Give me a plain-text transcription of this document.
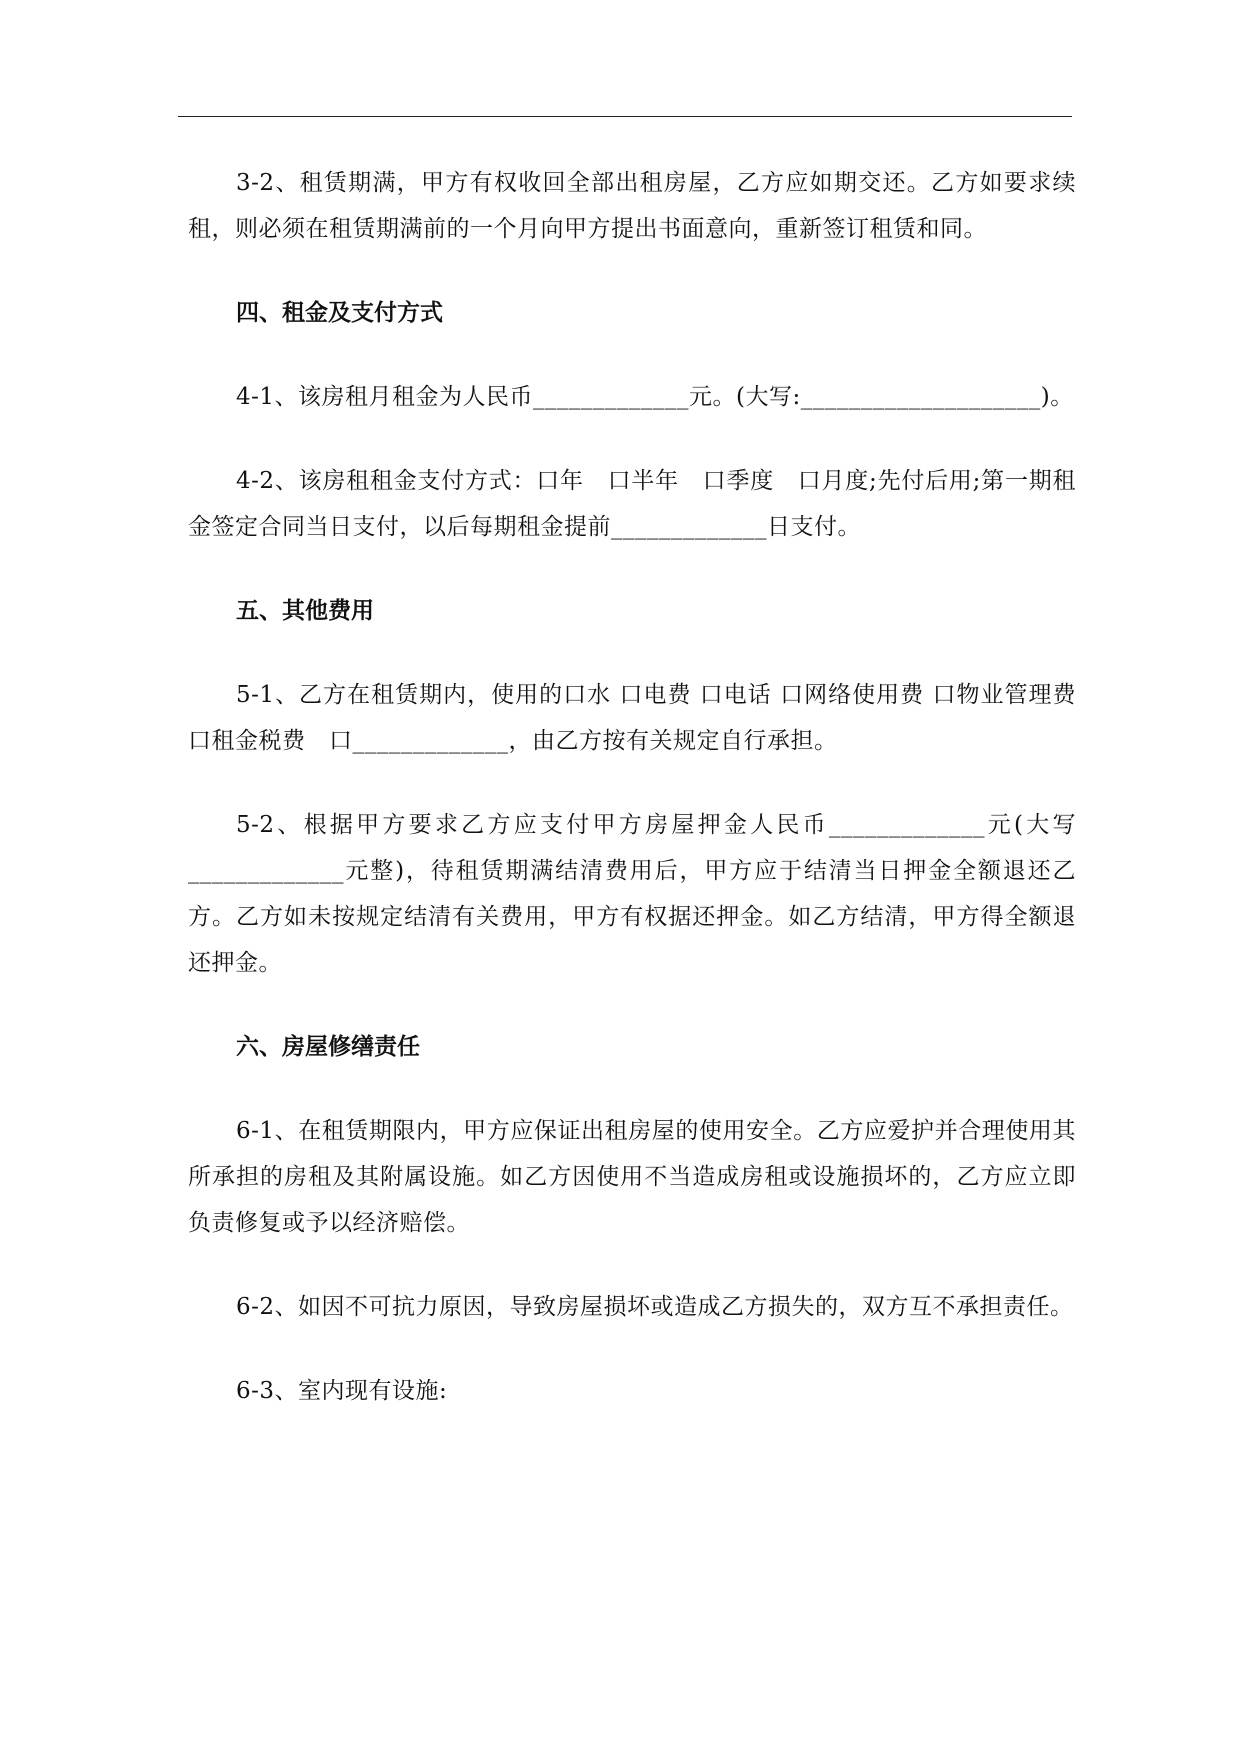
3-2、租赁期满，甲方有权收回全部出租房屋，乙方应如期交还。乙方如要求续租，则必须在租赁期满前的一个月向甲方提出书面意向，重新签订租赁和同。

四、租金及支付方式

4-1、该房租月租金为人民币_____________元。(大写:____________________)。

4-2、该房租租金支付方式：口年　口半年　口季度　口月度;先付后用;第一期租金签定合同当日支付，以后每期租金提前_____________日支付。

五、其他费用

5-1、乙方在租赁期内，使用的口水 口电费 口电话 口网络使用费 口物业管理费　口租金税费　口_____________，由乙方按有关规定自行承担。

5-2、根据甲方要求乙方应支付甲方房屋押金人民币_____________元(大写_____________元整)，待租赁期满结清费用后，甲方应于结清当日押金全额退还乙方。乙方如未按规定结清有关费用，甲方有权据还押金。如乙方结清，甲方得全额退还押金。

六、房屋修缮责任

6-1、在租赁期限内，甲方应保证出租房屋的使用安全。乙方应爱护并合理使用其所承担的房租及其附属设施。如乙方因使用不当造成房租或设施损坏的，乙方应立即负责修复或予以经济赔偿。

6-2、如因不可抗力原因，导致房屋损坏或造成乙方损失的，双方互不承担责任。

6-3、室内现有设施:
